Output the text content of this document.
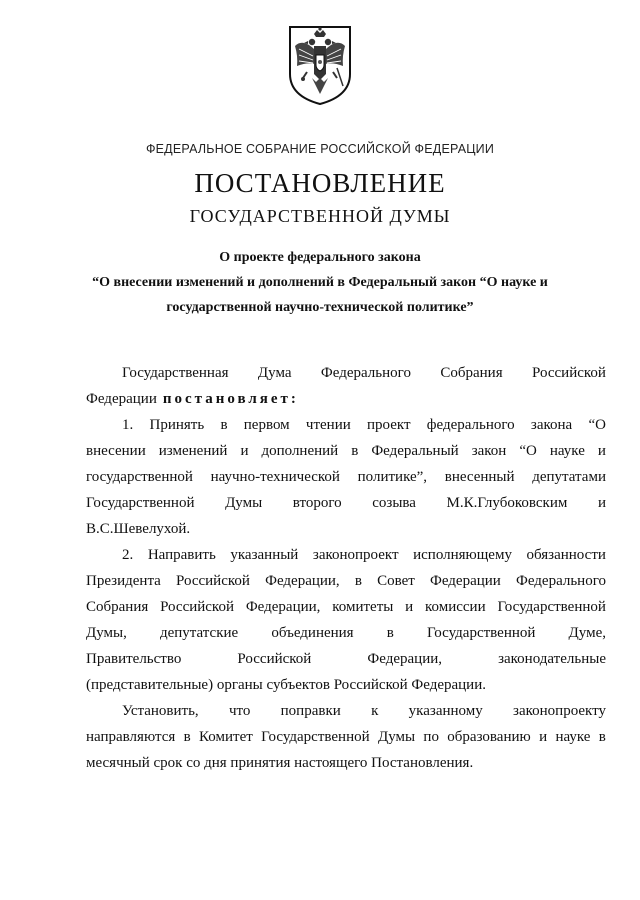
ФЕДЕРАЛЬНОЕ СОБРАНИЕ РОССИЙСКОЙ ФЕДЕРАЦИИ
ПОСТАНОВЛЕНИЕ
ГОСУДАРСТВЕННОЙ ДУМЫ
О проекте федерального закона
“О внесении изменений и дополнений в Федеральный закон “О науке и
государственной научно-технической политике”
Государственная Дума Федерального Собрания Российской
Федерации постановляет:
1. Принять в первом чтении проект федерального закона “О
внесении изменений и дополнений в Федеральный закон “О науке и
государственной научно-технической политике”, внесенный депутатами
Государственной Думы второго созыва М.К.Глубоковским и
В.С.Шевелухой.
2. Направить указанный законопроект исполняющему обязанности
Президента Российской Федерации, в Совет Федерации Федерального
Собрания Российской Федерации, комитеты и комиссии Государственной
Думы, депутатские объединения в Государственной Думе,
Правительство	Российской	Федерации,	законодательные
(представительные) органы субъектов Российской Федерации.
Установить, что поправки к указанному законопроекту
направляются в Комитет Государственной Думы по образованию и науке в
месячный срок со дня принятия настоящего Постановления.
